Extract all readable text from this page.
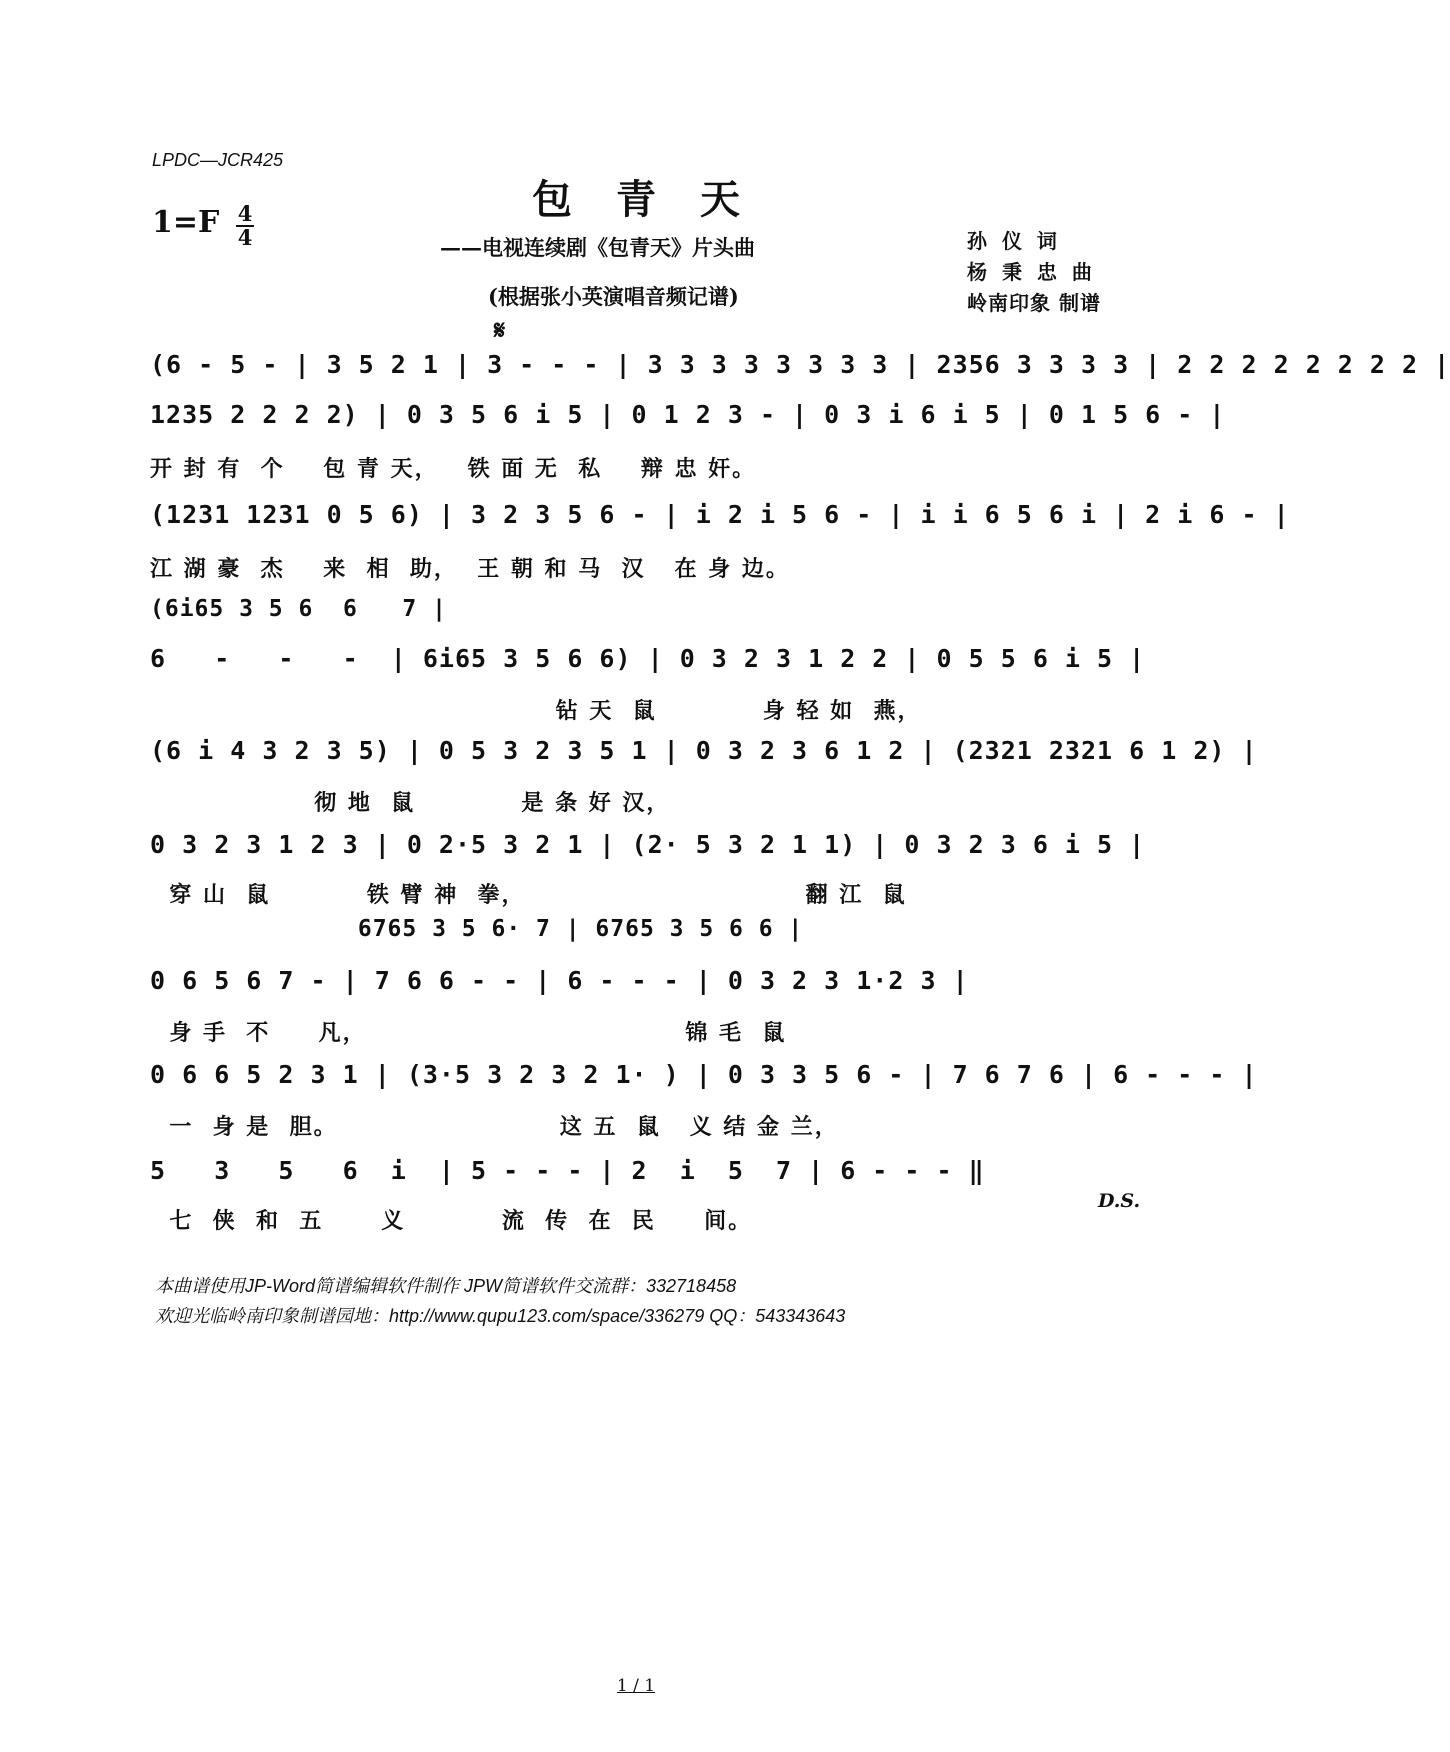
LPDC—JCR425
1=F 4
4
包青天
——电视连续剧《包青天》片头曲
(根据张小英演唱音频记谱)
孙 仪 词
杨 秉 忠 曲
岭南印象 制谱
𝄋
(6 - 5 - | 3 5 2 1 | 3 - - - | 3 3 3 3 3 3 3 3 | 2356 3 3 3 3 | 2 2 2 2 2 2 2 2 |
1235 2 2 2 2) | 0 3 5 6 i 5 | 0 1 2 3 - | 0 3 i 6 i 5 | 0 1 5 6 - |
开 封 有  个    包 青 天，   铁 面 无  私    辩 忠 奸。
(1231 1231 0 5 6) | 3 2 3 5 6 - | i 2 i 5 6 - | i i 6 5 6 i | 2 i 6 - |
江 湖 豪  杰    来  相  助，  王 朝 和 马  汉   在 身 边。
(6i65 3 5 6  6   7 |
6   -   -   -  | 6i65 3 5 6 6) | 0 3 2 3 1 2 2 | 0 5 5 6 i 5 |
钻 天  鼠           身 轻 如  燕，
(6 i 4 3 2 3 5) | 0 5 3 2 3 5 1 | 0 3 2 3 6 1 2 | (2321 2321 6 1 2) |
彻 地  鼠           是 条 好 汉，
0 3 2 3 1 2 3 | 0 2·5 3 2 1 | (2· 5 3 2 1 1) | 0 3 2 3 6 i 5 |
穿 山  鼠          铁 臂 神  拳，                             翻 江  鼠
6765 3 5 6· 7 | 6765 3 5 6 6 |
0 6 5 6 7 - | 7 6 6 - - | 6 - - - | 0 3 2 3 1·2 3 |
身 手  不     凡，                                 锦 毛  鼠
0 6 6 5 2 3 1 | (3·5 3 2 3 2 1· ) | 0 3 3 5 6 - | 7 6 7 6 | 6 - - - |
一  身 是  胆。                       这 五  鼠   义 结 金 兰，
5   3   5   6  i  | 5 - - - | 2  i  5  7 | 6 - - - ‖
七  侠  和  五      义          流  传  在  民     间。
D.S.
本曲谱使用JP-Word简谱编辑软件制作 JPW简谱软件交流群：332718458
欢迎光临岭南印象制谱园地：http://www.qupu123.com/space/336279 QQ：543343643
1 / 1
